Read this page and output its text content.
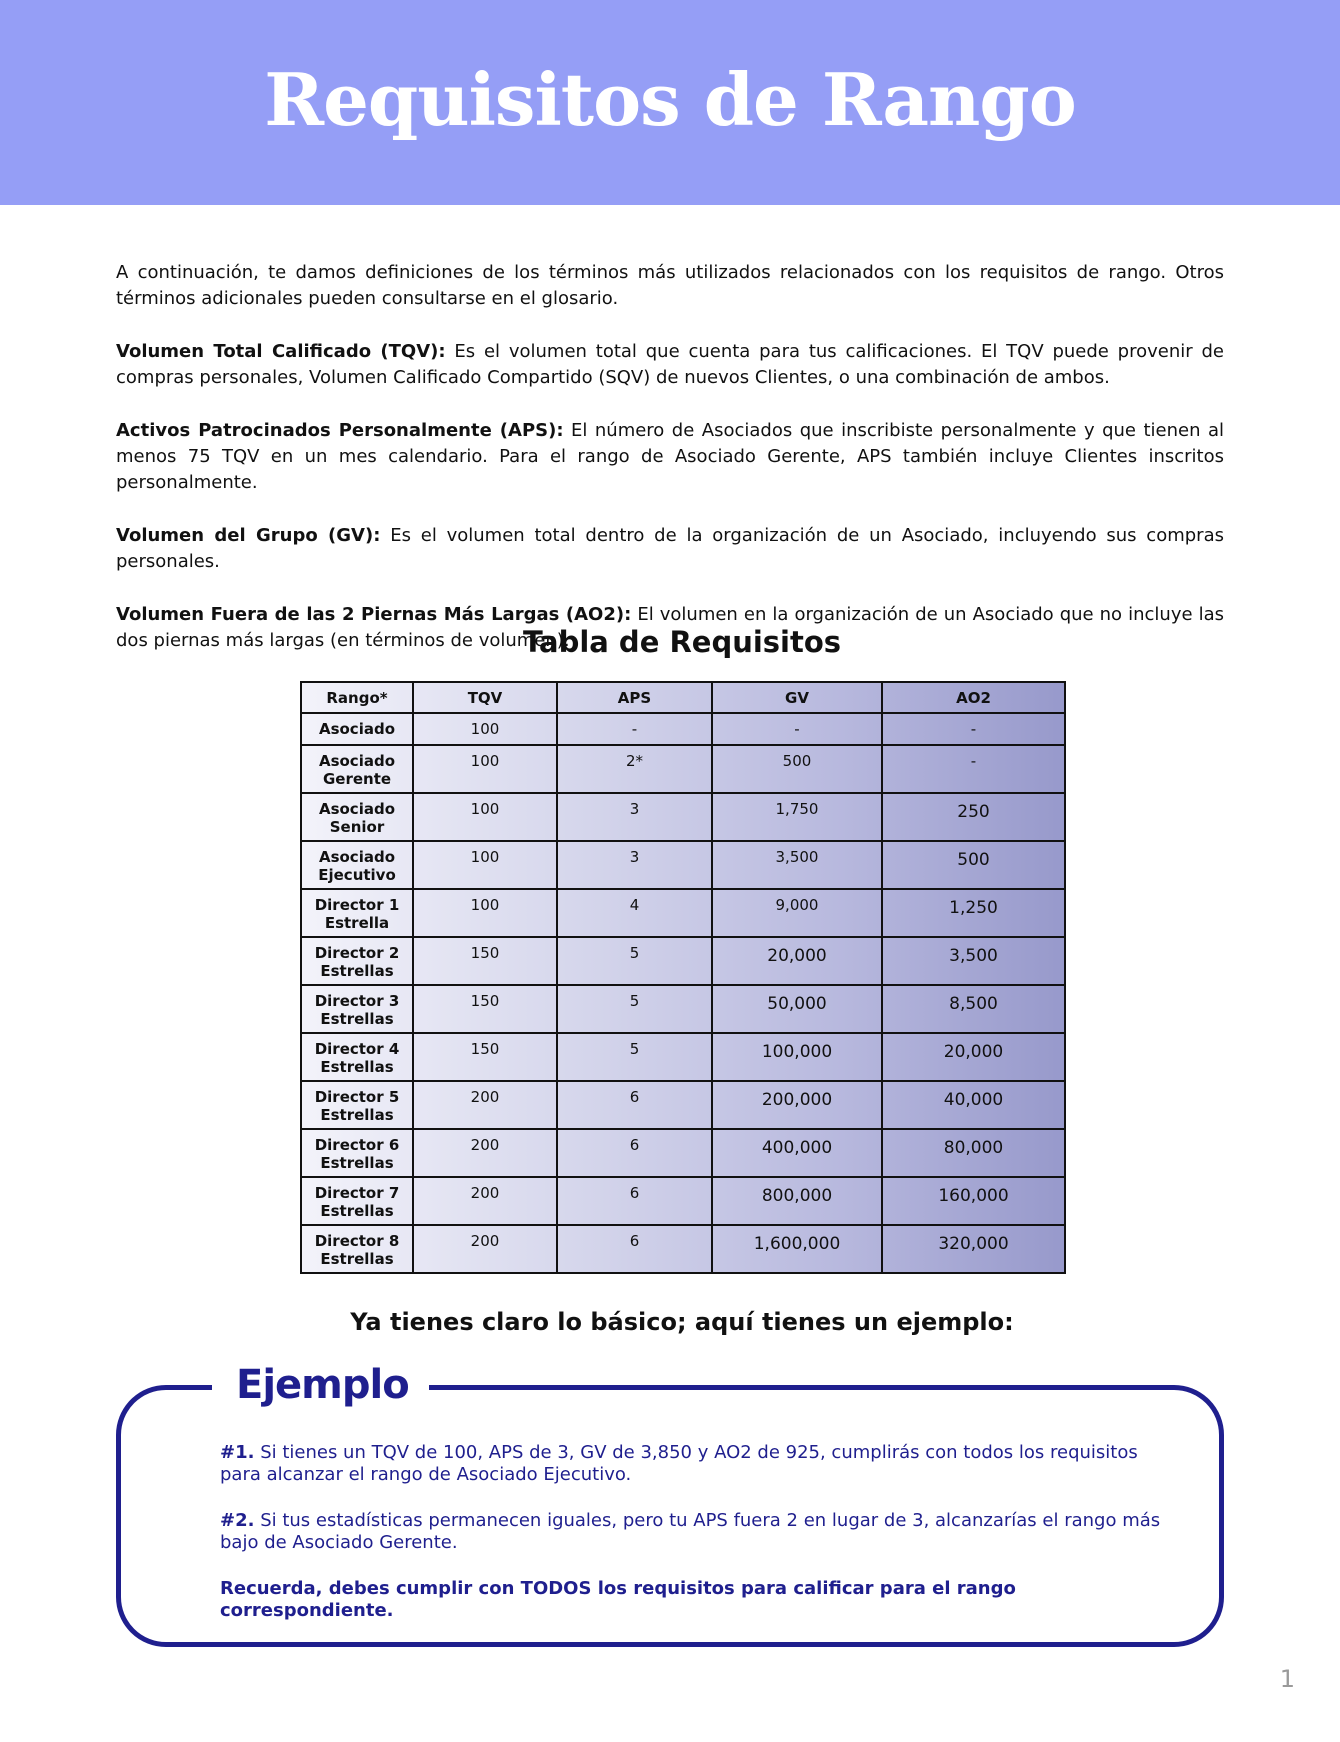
Requisitos de Rango

A continuación, te damos definiciones de los términos más utilizados relacionados con los requisitos de rango. Otros términos adicionales pueden consultarse en el glosario.

Volumen Total Calificado (TQV): Es el volumen total que cuenta para tus calificaciones. El TQV puede provenir de compras personales, Volumen Calificado Compartido (SQV) de nuevos Clientes, o una combinación de ambos.

Activos Patrocinados Personalmente (APS): El número de Asociados que inscribiste personalmente y que tienen al menos 75 TQV en un mes calendario. Para el rango de Asociado Gerente, APS también incluye Clientes inscritos personalmente.

Volumen del Grupo (GV): Es el volumen total dentro de la organización de un Asociado, incluyendo sus compras personales.

Volumen Fuera de las 2 Piernas Más Largas (AO2): El volumen en la organización de un Asociado que no incluye las dos piernas más largas (en términos de volumen).

Tabla de Requisitos
Rango*	TQV	APS	GV	AO2
Asociado	100	-	-	-
Asociado Gerente	100	2*	500	-
Asociado Senior	100	3	1,750	250
Asociado Ejecutivo	100	3	3,500	500
Director 1 Estrella	100	4	9,000	1,250
Director 2 Estrellas	150	5	20,000	3,500
Director 3 Estrellas	150	5	50,000	8,500
Director 4 Estrellas	150	5	100,000	20,000
Director 5 Estrellas	200	6	200,000	40,000
Director 6 Estrellas	200	6	400,000	80,000
Director 7 Estrellas	200	6	800,000	160,000
Director 8 Estrellas	200	6	1,600,000	320,000
Ya tienes claro lo básico; aquí tienes un ejemplo:
Ejemplo

#1. Si tienes un TQV de 100, APS de 3, GV de 3,850 y AO2 de 925, cumplirás con todos los requisitos para alcanzar el rango de Asociado Ejecutivo.

#2. Si tus estadísticas permanecen iguales, pero tu APS fuera 2 en lugar de 3, alcanzarías el rango más bajo de Asociado Gerente.

Recuerda, debes cumplir con TODOS los requisitos para calificar para el rango correspondiente.

1
